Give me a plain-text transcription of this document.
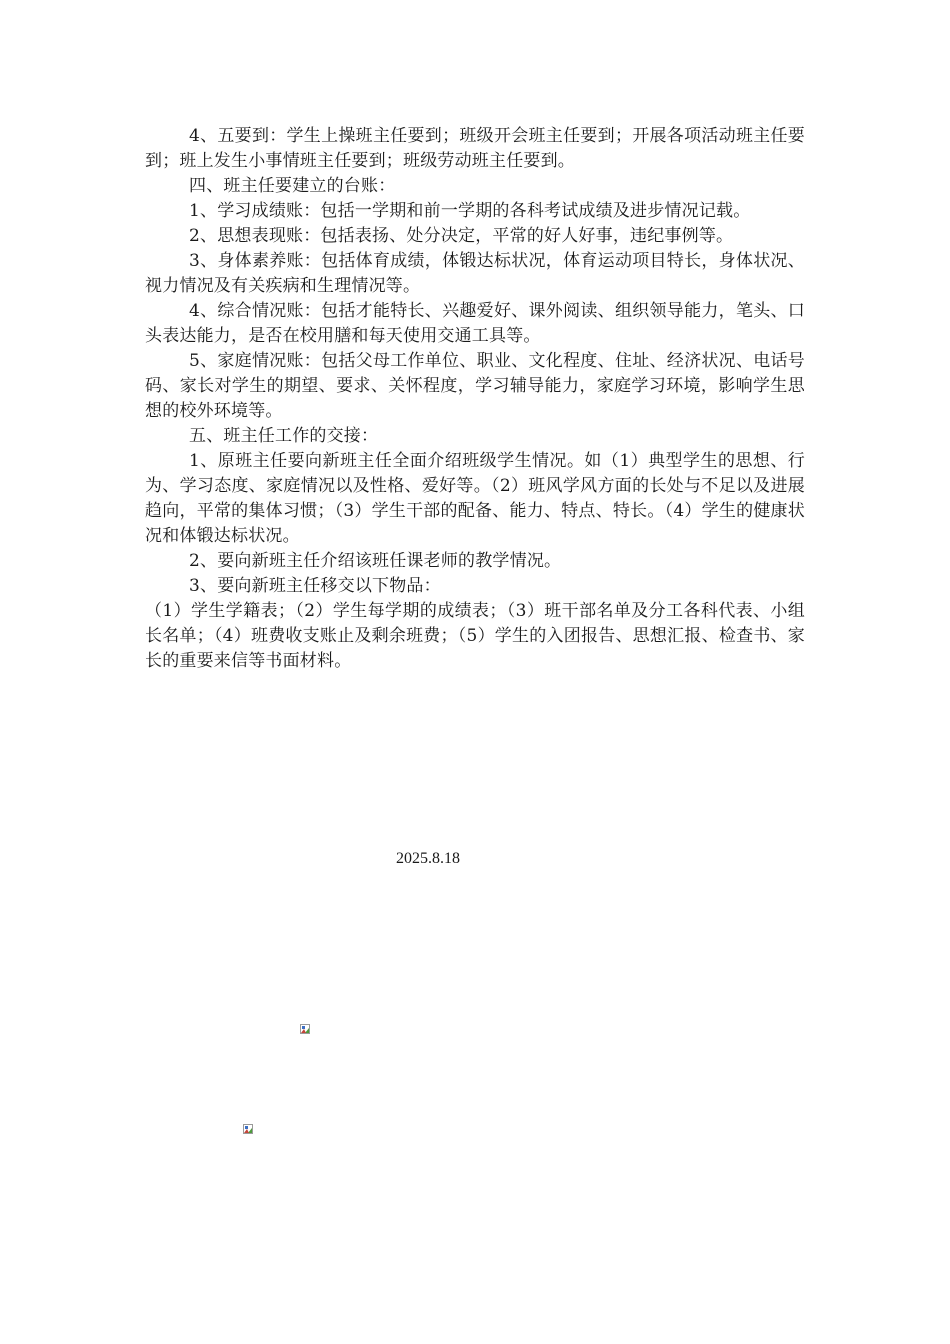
4、五要到：学生上操班主任要到；班级开会班主任要到；开展各项活动班主任要到；班上发生小事情班主任要到；班级劳动班主任要到。

四、班主任要建立的台账：

1、学习成绩账：包括一学期和前一学期的各科考试成绩及进步情况记载。

2、思想表现账：包括表扬、处分决定，平常的好人好事，违纪事例等。

3、身体素养账：包括体育成绩，体锻达标状况，体育运动项目特长，身体状况、视力情况及有关疾病和生理情况等。

4、综合情况账：包括才能特长、兴趣爱好、课外阅读、组织领导能力，笔头、口头表达能力，是否在校用膳和每天使用交通工具等。

5、家庭情况账：包括父母工作单位、职业、文化程度、住址、经济状况、电话号码、家长对学生的期望、要求、关怀程度，学习辅导能力，家庭学习环境，影响学生思想的校外环境等。

五、班主任工作的交接：

1、原班主任要向新班主任全面介绍班级学生情况。如（1）典型学生的思想、行为、学习态度、家庭情况以及性格、爱好等。（2）班风学风方面的长处与不足以及进展趋向，平常的集体习惯；（3）学生干部的配备、能力、特点、特长。（4）学生的健康状况和体锻达标状况。

2、要向新班主任介绍该班任课老师的教学情况。

3、要向新班主任移交以下物品：

（1）学生学籍表；（2）学生每学期的成绩表；（3）班干部名单及分工各科代表、小组长名单；（4）班费收支账止及剩余班费；（5）学生的入团报告、思想汇报、检查书、家长的重要来信等书面材料。

2025.8.18
